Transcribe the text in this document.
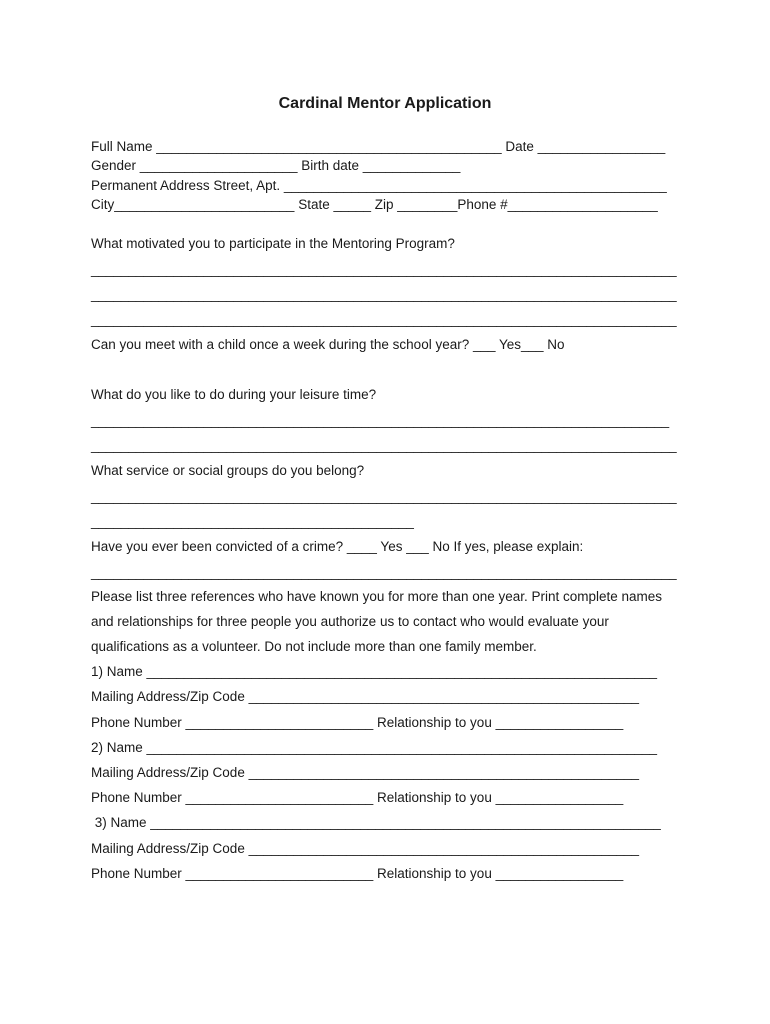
Cardinal Mentor Application
Full Name ______________________________________________ Date _________________
Gender _____________________ Birth date _____________
Permanent Address Street, Apt. ___________________________________________________
City________________________ State _____ Zip ________Phone #____________________
What motivated you to participate in the Mentoring Program?
______________________________________________________________________________
______________________________________________________________________________
______________________________________________________________________________
Can you meet with a child once a week during the school year? ___ Yes___ No
What do you like to do during your leisure time?
_____________________________________________________________________________
______________________________________________________________________________
What service or social groups do you belong?
______________________________________________________________________________
___________________________________________
Have you ever been convicted of a crime? ____ Yes ___ No If yes, please explain:
______________________________________________________________________________
Please list three references who have known you for more than one year. Print complete names
and relationships for three people you authorize us to contact who would evaluate your
qualifications as a volunteer. Do not include more than one family member.
1) Name ____________________________________________________________________
Mailing Address/Zip Code ____________________________________________________
Phone Number _________________________ Relationship to you _________________
2) Name ____________________________________________________________________
Mailing Address/Zip Code ____________________________________________________
Phone Number _________________________ Relationship to you _________________
3) Name ____________________________________________________________________
Mailing Address/Zip Code ____________________________________________________
Phone Number _________________________ Relationship to you _________________
